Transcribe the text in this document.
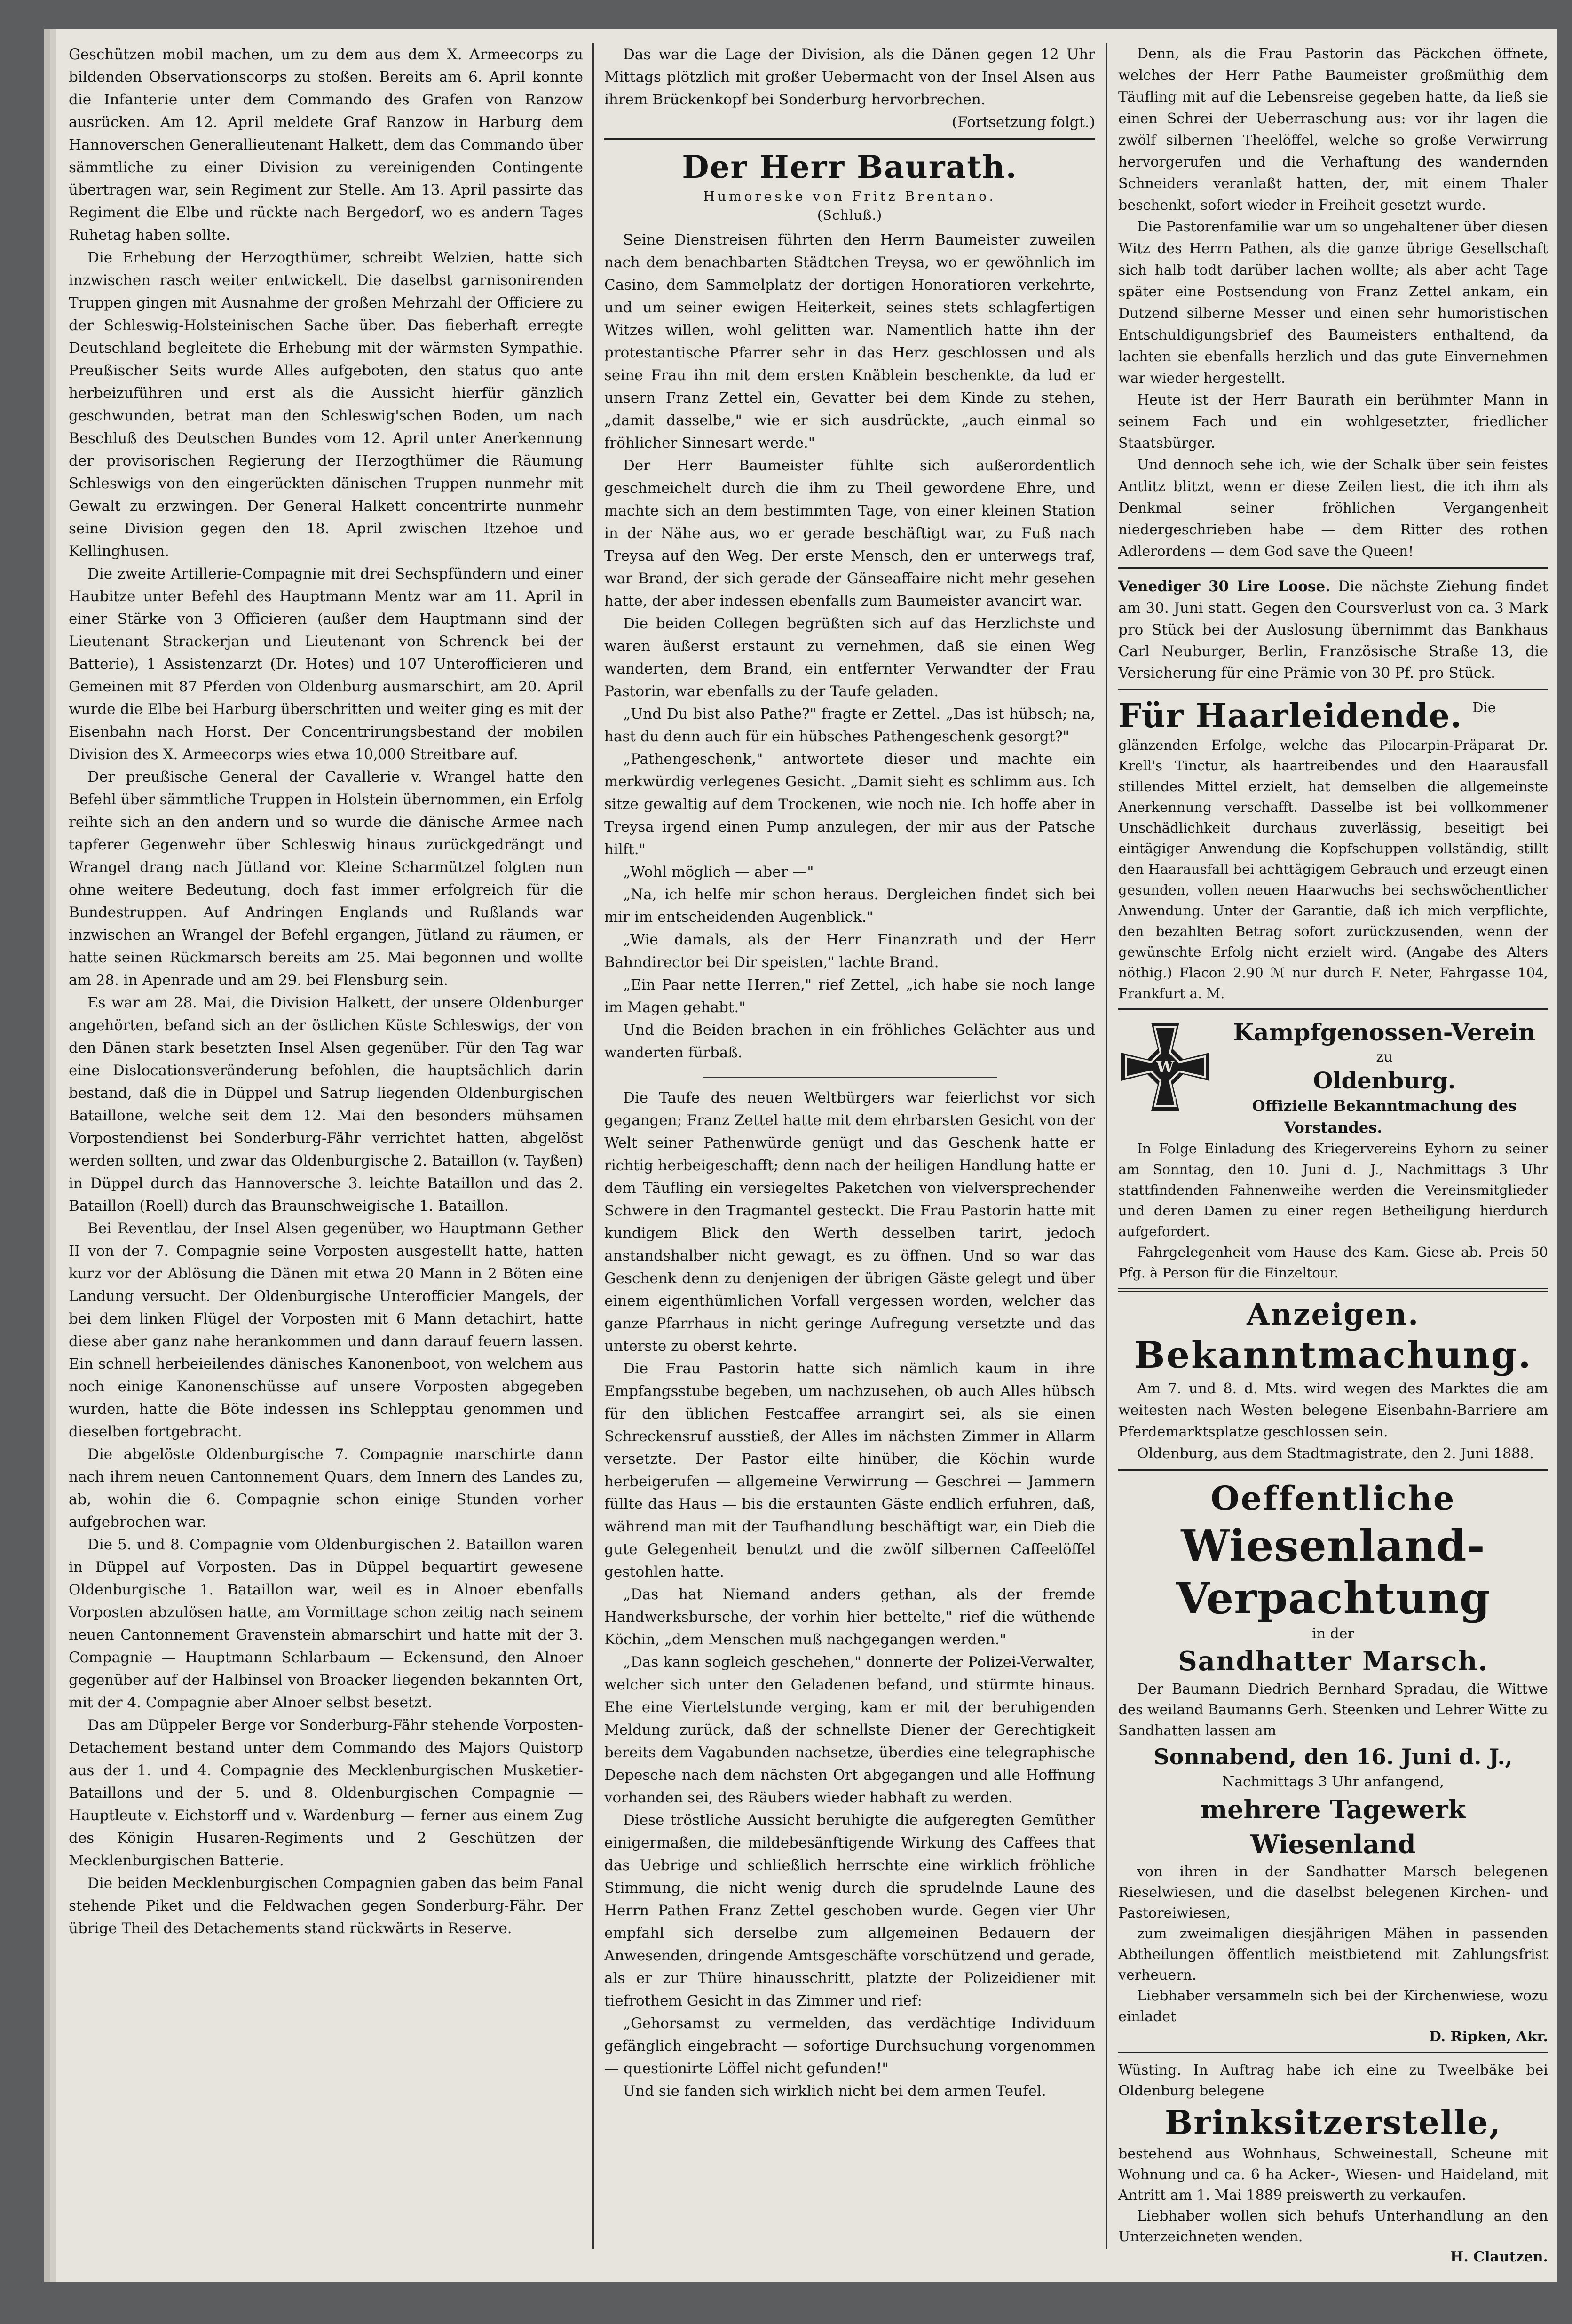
Geschützen mobil machen, um zu dem aus dem X. Armeecorps zu bildenden Observationscorps zu stoßen. Bereits am 6. April konnte die Infanterie unter dem Commando des Grafen von Ranzow ausrücken. Am 12. April meldete Graf Ranzow in Harburg dem Hannoverschen Generallieutenant Halkett, dem das Commando über sämmtliche zu einer Division zu vereinigenden Contingente übertragen war, sein Regiment zur Stelle. Am 13. April passirte das Regiment die Elbe und rückte nach Bergedorf, wo es andern Tages Ruhetag haben sollte.

Die Erhebung der Herzogthümer, schreibt Welzien, hatte sich inzwischen rasch weiter entwickelt. Die daselbst garnisonirenden Truppen gingen mit Ausnahme der großen Mehrzahl der Officiere zu der Schleswig-Holsteinischen Sache über. Das fieberhaft erregte Deutschland begleitete die Erhebung mit der wärmsten Sympathie. Preußischer Seits wurde Alles aufgeboten, den status quo ante herbeizuführen und erst als die Aussicht hierfür gänzlich geschwunden, betrat man den Schleswig'schen Boden, um nach Beschluß des Deutschen Bundes vom 12. April unter Anerkennung der provisorischen Regierung der Herzogthümer die Räumung Schleswigs von den eingerückten dänischen Truppen nunmehr mit Gewalt zu erzwingen. Der General Halkett concentrirte nunmehr seine Division gegen den 18. April zwischen Itzehoe und Kellinghusen.

Die zweite Artillerie-Compagnie mit drei Sechspfündern und einer Haubitze unter Befehl des Hauptmann Mentz war am 11. April in einer Stärke von 3 Officieren (außer dem Hauptmann sind der Lieutenant Strackerjan und Lieutenant von Schrenck bei der Batterie), 1 Assistenzarzt (Dr. Hotes) und 107 Unterofficieren und Gemeinen mit 87 Pferden von Oldenburg ausmarschirt, am 20. April wurde die Elbe bei Harburg überschritten und weiter ging es mit der Eisenbahn nach Horst. Der Concentrirungsbestand der mobilen Division des X. Armeecorps wies etwa 10,000 Streitbare auf.

Der preußische General der Cavallerie v. Wrangel hatte den Befehl über sämmtliche Truppen in Holstein übernommen, ein Erfolg reihte sich an den andern und so wurde die dänische Armee nach tapferer Gegenwehr über Schleswig hinaus zurückgedrängt und Wrangel drang nach Jütland vor. Kleine Scharmützel folgten nun ohne weitere Bedeutung, doch fast immer erfolgreich für die Bundestruppen. Auf Andringen Englands und Rußlands war inzwischen an Wrangel der Befehl ergangen, Jütland zu räumen, er hatte seinen Rückmarsch bereits am 25. Mai begonnen und wollte am 28. in Apenrade und am 29. bei Flensburg sein.

Es war am 28. Mai, die Division Halkett, der unsere Oldenburger angehörten, befand sich an der östlichen Küste Schleswigs, der von den Dänen stark besetzten Insel Alsen gegenüber. Für den Tag war eine Dislocationsveränderung befohlen, die hauptsächlich darin bestand, daß die in Düppel und Satrup liegenden Oldenburgischen Bataillone, welche seit dem 12. Mai den besonders mühsamen Vorpostendienst bei Sonderburg-Fähr verrichtet hatten, abgelöst werden sollten, und zwar das Oldenburgische 2. Bataillon (v. Tayßen) in Düppel durch das Hannoversche 3. leichte Bataillon und das 2. Bataillon (Roell) durch das Braunschweigische 1. Bataillon.

Bei Reventlau, der Insel Alsen gegenüber, wo Hauptmann Gether II von der 7. Compagnie seine Vorposten ausgestellt hatte, hatten kurz vor der Ablösung die Dänen mit etwa 20 Mann in 2 Böten eine Landung versucht. Der Oldenburgische Unterofficier Mangels, der bei dem linken Flügel der Vorposten mit 6 Mann detachirt, hatte diese aber ganz nahe herankommen und dann darauf feuern lassen. Ein schnell herbeieilendes dänisches Kanonenboot, von welchem aus noch einige Kanonenschüsse auf unsere Vorposten abgegeben wurden, hatte die Böte indessen ins Schlepptau genommen und dieselben fortgebracht.

Die abgelöste Oldenburgische 7. Compagnie marschirte dann nach ihrem neuen Cantonnement Quars, dem Innern des Landes zu, ab, wohin die 6. Compagnie schon einige Stunden vorher aufgebrochen war.

Die 5. und 8. Compagnie vom Oldenburgischen 2. Bataillon waren in Düppel auf Vorposten. Das in Düppel bequartirt gewesene Oldenburgische 1. Bataillon war, weil es in Alnoer ebenfalls Vorposten abzulösen hatte, am Vormittage schon zeitig nach seinem neuen Cantonnement Gravenstein abmarschirt und hatte mit der 3. Compagnie — Hauptmann Schlarbaum — Eckensund, den Alnoer gegenüber auf der Halbinsel von Broacker liegenden bekannten Ort, mit der 4. Compagnie aber Alnoer selbst besetzt.

Das am Düppeler Berge vor Sonderburg-Fähr stehende Vorposten-Detachement bestand unter dem Commando des Majors Quistorp aus der 1. und 4. Compagnie des Mecklenburgischen Musketier-Bataillons und der 5. und 8. Oldenburgischen Compagnie — Hauptleute v. Eichstorff und v. Wardenburg — ferner aus einem Zug des Königin Husaren-Regiments und 2 Geschützen der Mecklenburgischen Batterie.

Die beiden Mecklenburgischen Compagnien gaben das beim Fanal stehende Piket und die Feldwachen gegen Sonderburg-Fähr. Der übrige Theil des Detachements stand rückwärts in Reserve.

Das war die Lage der Division, als die Dänen gegen 12 Uhr Mittags plötzlich mit großer Uebermacht von der Insel Alsen aus ihrem Brückenkopf bei Sonderburg hervorbrechen.

(Fortsetzung folgt.)

Der Herr Baurath.

Humoreske von Fritz Brentano.

(Schluß.)

Seine Dienstreisen führten den Herrn Baumeister zuweilen nach dem benachbarten Städtchen Treysa, wo er gewöhnlich im Casino, dem Sammelplatz der dortigen Honoratioren verkehrte, und um seiner ewigen Heiterkeit, seines stets schlagfertigen Witzes willen, wohl gelitten war. Namentlich hatte ihn der protestantische Pfarrer sehr in das Herz geschlossen und als seine Frau ihn mit dem ersten Knäblein beschenkte, da lud er unsern Franz Zettel ein, Gevatter bei dem Kinde zu stehen, „damit dasselbe," wie er sich ausdrückte, „auch einmal so fröhlicher Sinnesart werde."

Der Herr Baumeister fühlte sich außerordentlich geschmeichelt durch die ihm zu Theil gewordene Ehre, und machte sich an dem bestimmten Tage, von einer kleinen Station in der Nähe aus, wo er gerade beschäftigt war, zu Fuß nach Treysa auf den Weg. Der erste Mensch, den er unterwegs traf, war Brand, der sich gerade der Gänseaffaire nicht mehr gesehen hatte, der aber indessen ebenfalls zum Baumeister avancirt war.

Die beiden Collegen begrüßten sich auf das Herzlichste und waren äußerst erstaunt zu vernehmen, daß sie einen Weg wanderten, dem Brand, ein entfernter Verwandter der Frau Pastorin, war ebenfalls zu der Taufe geladen.

„Und Du bist also Pathe?" fragte er Zettel. „Das ist hübsch; na, hast du denn auch für ein hübsches Pathengeschenk gesorgt?"

„Pathengeschenk," antwortete dieser und machte ein merkwürdig verlegenes Gesicht. „Damit sieht es schlimm aus. Ich sitze gewaltig auf dem Trockenen, wie noch nie. Ich hoffe aber in Treysa irgend einen Pump anzulegen, der mir aus der Patsche hilft."

„Wohl möglich — aber —"

„Na, ich helfe mir schon heraus. Dergleichen findet sich bei mir im entscheidenden Augenblick."

„Wie damals, als der Herr Finanzrath und der Herr Bahndirector bei Dir speisten," lachte Brand.

„Ein Paar nette Herren," rief Zettel, „ich habe sie noch lange im Magen gehabt."

Und die Beiden brachen in ein fröhliches Gelächter aus und wanderten fürbaß.

Die Taufe des neuen Weltbürgers war feierlichst vor sich gegangen; Franz Zettel hatte mit dem ehrbarsten Gesicht von der Welt seiner Pathenwürde genügt und das Geschenk hatte er richtig herbeigeschafft; denn nach der heiligen Handlung hatte er dem Täufling ein versiegeltes Paketchen von vielversprechender Schwere in den Tragmantel gesteckt. Die Frau Pastorin hatte mit kundigem Blick den Werth desselben tarirt, jedoch anstandshalber nicht gewagt, es zu öffnen. Und so war das Geschenk denn zu denjenigen der übrigen Gäste gelegt und über einem eigenthümlichen Vorfall vergessen worden, welcher das ganze Pfarrhaus in nicht geringe Aufregung versetzte und das unterste zu oberst kehrte.

Die Frau Pastorin hatte sich nämlich kaum in ihre Empfangsstube begeben, um nachzusehen, ob auch Alles hübsch für den üblichen Festcaffee arrangirt sei, als sie einen Schreckensruf ausstieß, der Alles im nächsten Zimmer in Allarm versetzte. Der Pastor eilte hinüber, die Köchin wurde herbeigerufen — allgemeine Verwirrung — Geschrei — Jammern füllte das Haus — bis die erstaunten Gäste endlich erfuhren, daß, während man mit der Taufhandlung beschäftigt war, ein Dieb die gute Gelegenheit benutzt und die zwölf silbernen Caffeelöffel gestohlen hatte.

„Das hat Niemand anders gethan, als der fremde Handwerksbursche, der vorhin hier bettelte," rief die wüthende Köchin, „dem Menschen muß nachgegangen werden."

„Das kann sogleich geschehen," donnerte der Polizei-Verwalter, welcher sich unter den Geladenen befand, und stürmte hinaus. Ehe eine Viertelstunde verging, kam er mit der beruhigenden Meldung zurück, daß der schnellste Diener der Gerechtigkeit bereits dem Vagabunden nachsetze, überdies eine telegraphische Depesche nach dem nächsten Ort abgegangen und alle Hoffnung vorhanden sei, des Räubers wieder habhaft zu werden.

Diese tröstliche Aussicht beruhigte die aufgeregten Gemüther einigermaßen, die mildebesänftigende Wirkung des Caffees that das Uebrige und schließlich herrschte eine wirklich fröhliche Stimmung, die nicht wenig durch die sprudelnde Laune des Herrn Pathen Franz Zettel geschoben wurde. Gegen vier Uhr empfahl sich derselbe zum allgemeinen Bedauern der Anwesenden, dringende Amtsgeschäfte vorschützend und gerade, als er zur Thüre hinausschritt, platzte der Polizeidiener mit tiefrothem Gesicht in das Zimmer und rief:

„Gehorsamst zu vermelden, das verdächtige Individuum gefänglich eingebracht — sofortige Durchsuchung vorgenommen — questionirte Löffel nicht gefunden!"

Und sie fanden sich wirklich nicht bei dem armen Teufel.

Denn, als die Frau Pastorin das Päckchen öffnete, welches der Herr Pathe Baumeister großmüthig dem Täufling mit auf die Lebensreise gegeben hatte, da ließ sie einen Schrei der Ueberraschung aus: vor ihr lagen die zwölf silbernen Theelöffel, welche so große Verwirrung hervorgerufen und die Verhaftung des wandernden Schneiders veranlaßt hatten, der, mit einem Thaler beschenkt, sofort wieder in Freiheit gesetzt wurde.

Die Pastorenfamilie war um so ungehaltener über diesen Witz des Herrn Pathen, als die ganze übrige Gesellschaft sich halb todt darüber lachen wollte; als aber acht Tage später eine Postsendung von Franz Zettel ankam, ein Dutzend silberne Messer und einen sehr humoristischen Entschuldigungsbrief des Baumeisters enthaltend, da lachten sie ebenfalls herzlich und das gute Einvernehmen war wieder hergestellt.

Heute ist der Herr Baurath ein berühmter Mann in seinem Fach und ein wohlgesetzter, friedlicher Staatsbürger.

Und dennoch sehe ich, wie der Schalk über sein feistes Antlitz blitzt, wenn er diese Zeilen liest, die ich ihm als Denkmal seiner fröhlichen Vergangenheit niedergeschrieben habe — dem Ritter des rothen Adlerordens — dem God save the Queen!

Venediger 30 Lire Loose. Die nächste Ziehung findet am 30. Juni statt. Gegen den Coursverlust von ca. 3 Mark pro Stück bei der Auslosung übernimmt das Bankhaus Carl Neuburger, Berlin, Französische Straße 13, die Versicherung für eine Prämie von 30 Pf. pro Stück.

Für Haarleidende. Die glänzenden Erfolge, welche das Pilocarpin-Präparat Dr. Krell's Tinctur, als haartreibendes und den Haarausfall stillendes Mittel erzielt, hat demselben die allgemeinste Anerkennung verschafft. Dasselbe ist bei vollkommener Unschädlichkeit durchaus zuverlässig, beseitigt bei eintägiger Anwendung die Kopfschuppen vollständig, stillt den Haarausfall bei achttägigem Gebrauch und erzeugt einen gesunden, vollen neuen Haarwuchs bei sechswöchentlicher Anwendung. Unter der Garantie, daß ich mich verpflichte, den bezahlten Betrag sofort zurückzusenden, wenn der gewünschte Erfolg nicht erzielt wird. (Angabe des Alters nöthig.) Flacon 2.90 ℳ nur durch F. Neter, Fahrgasse 104, Frankfurt a. M.

W
1870

Kampfgenossen-Verein

zu

Oldenburg.

Offizielle Bekanntmachung des Vorstandes.

In Folge Einladung des Kriegervereins Eyhorn zu seiner am Sonntag, den 10. Juni d. J., Nachmittags 3 Uhr stattfindenden Fahnenweihe werden die Vereinsmitglieder und deren Damen zu einer regen Betheiligung hierdurch aufgefordert.

Fahrgelegenheit vom Hause des Kam. Giese ab. Preis 50 Pfg. à Person für die Einzeltour.

Anzeigen.

Bekanntmachung.

Am 7. und 8. d. Mts. wird wegen des Marktes die am weitesten nach Westen belegene Eisenbahn-Barriere am Pferdemarktsplatze geschlossen sein.

Oldenburg, aus dem Stadtmagistrate, den 2. Juni 1888.

Oeffentliche

Wiesenland-Verpachtung

in der

Sandhatter Marsch.

Der Baumann Diedrich Bernhard Spradau, die Wittwe des weiland Baumanns Gerh. Steenken und Lehrer Witte zu Sandhatten lassen am

Sonnabend, den 16. Juni d. J.,

Nachmittags 3 Uhr anfangend,

mehrere Tagewerk Wiesenland

von ihren in der Sandhatter Marsch belegenen Rieselwiesen, und die daselbst belegenen Kirchen- und Pastoreiwiesen,

zum zweimaligen diesjährigen Mähen in passenden Abtheilungen öffentlich meistbietend mit Zahlungsfrist verheuern.

Liebhaber versammeln sich bei der Kirchenwiese, wozu einladet

D. Ripken, Akr.

Wüsting. In Auftrag habe ich eine zu Tweelbäke bei Oldenburg belegene

Brinksitzerstelle,

bestehend aus Wohnhaus, Schweinestall, Scheune mit Wohnung und ca. 6 ha Acker-, Wiesen- und Haideland, mit Antritt am 1. Mai 1889 preiswerth zu verkaufen.

Liebhaber wollen sich behufs Unterhandlung an den Unterzeichneten wenden.

H. Clautzen.
